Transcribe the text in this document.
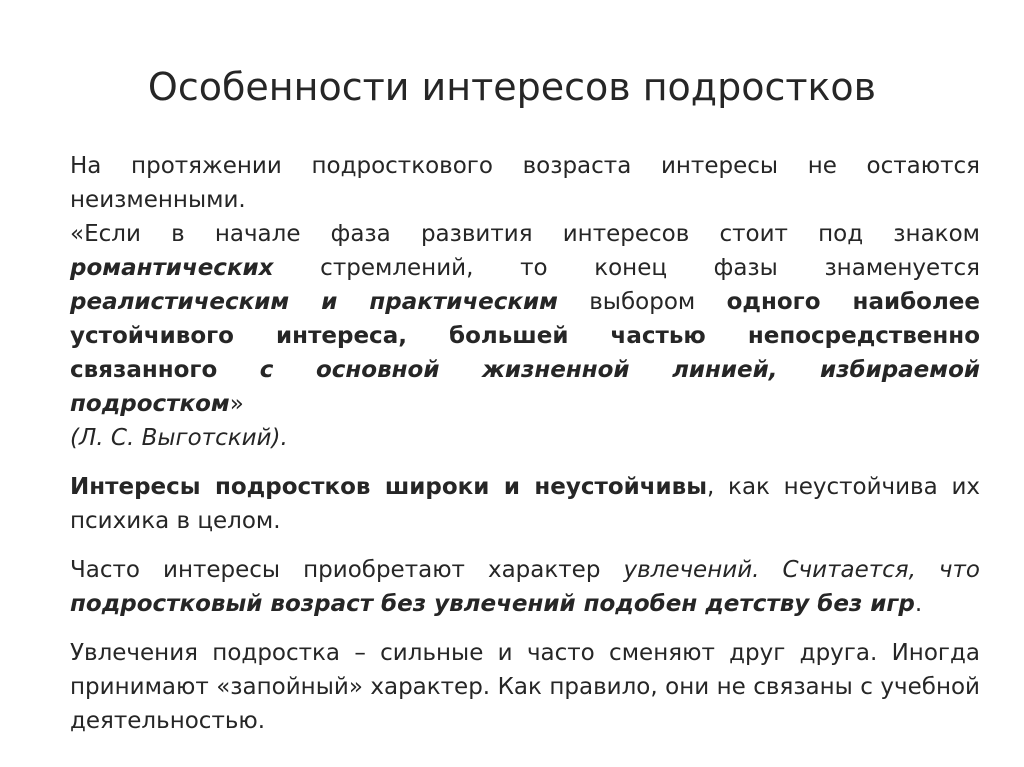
Особенности интересов подростков

На протяжении подросткового возраста интересы не остаются
неизменными.
«Если в начале фаза развития интересов стоит под знаком романтических стремлений, то конец фазы знаменуется реалистическим и практическим выбором одного наиболее устойчивого интереса, большей частью непосредственно связанного с основной жизненной линией, избираемой подростком»

(Л. С. Выготский).

Интересы подростков широки и неустойчивы, как неустойчива их психика в целом.

Часто интересы приобретают характер увлечений. Считается, что подростковый возраст без увлечений подобен детству без игр.

Увлечения подростка – сильные и часто сменяют друг друга. Иногда принимают «запойный» характер. Как правило, они не связаны с учебной деятельностью.
